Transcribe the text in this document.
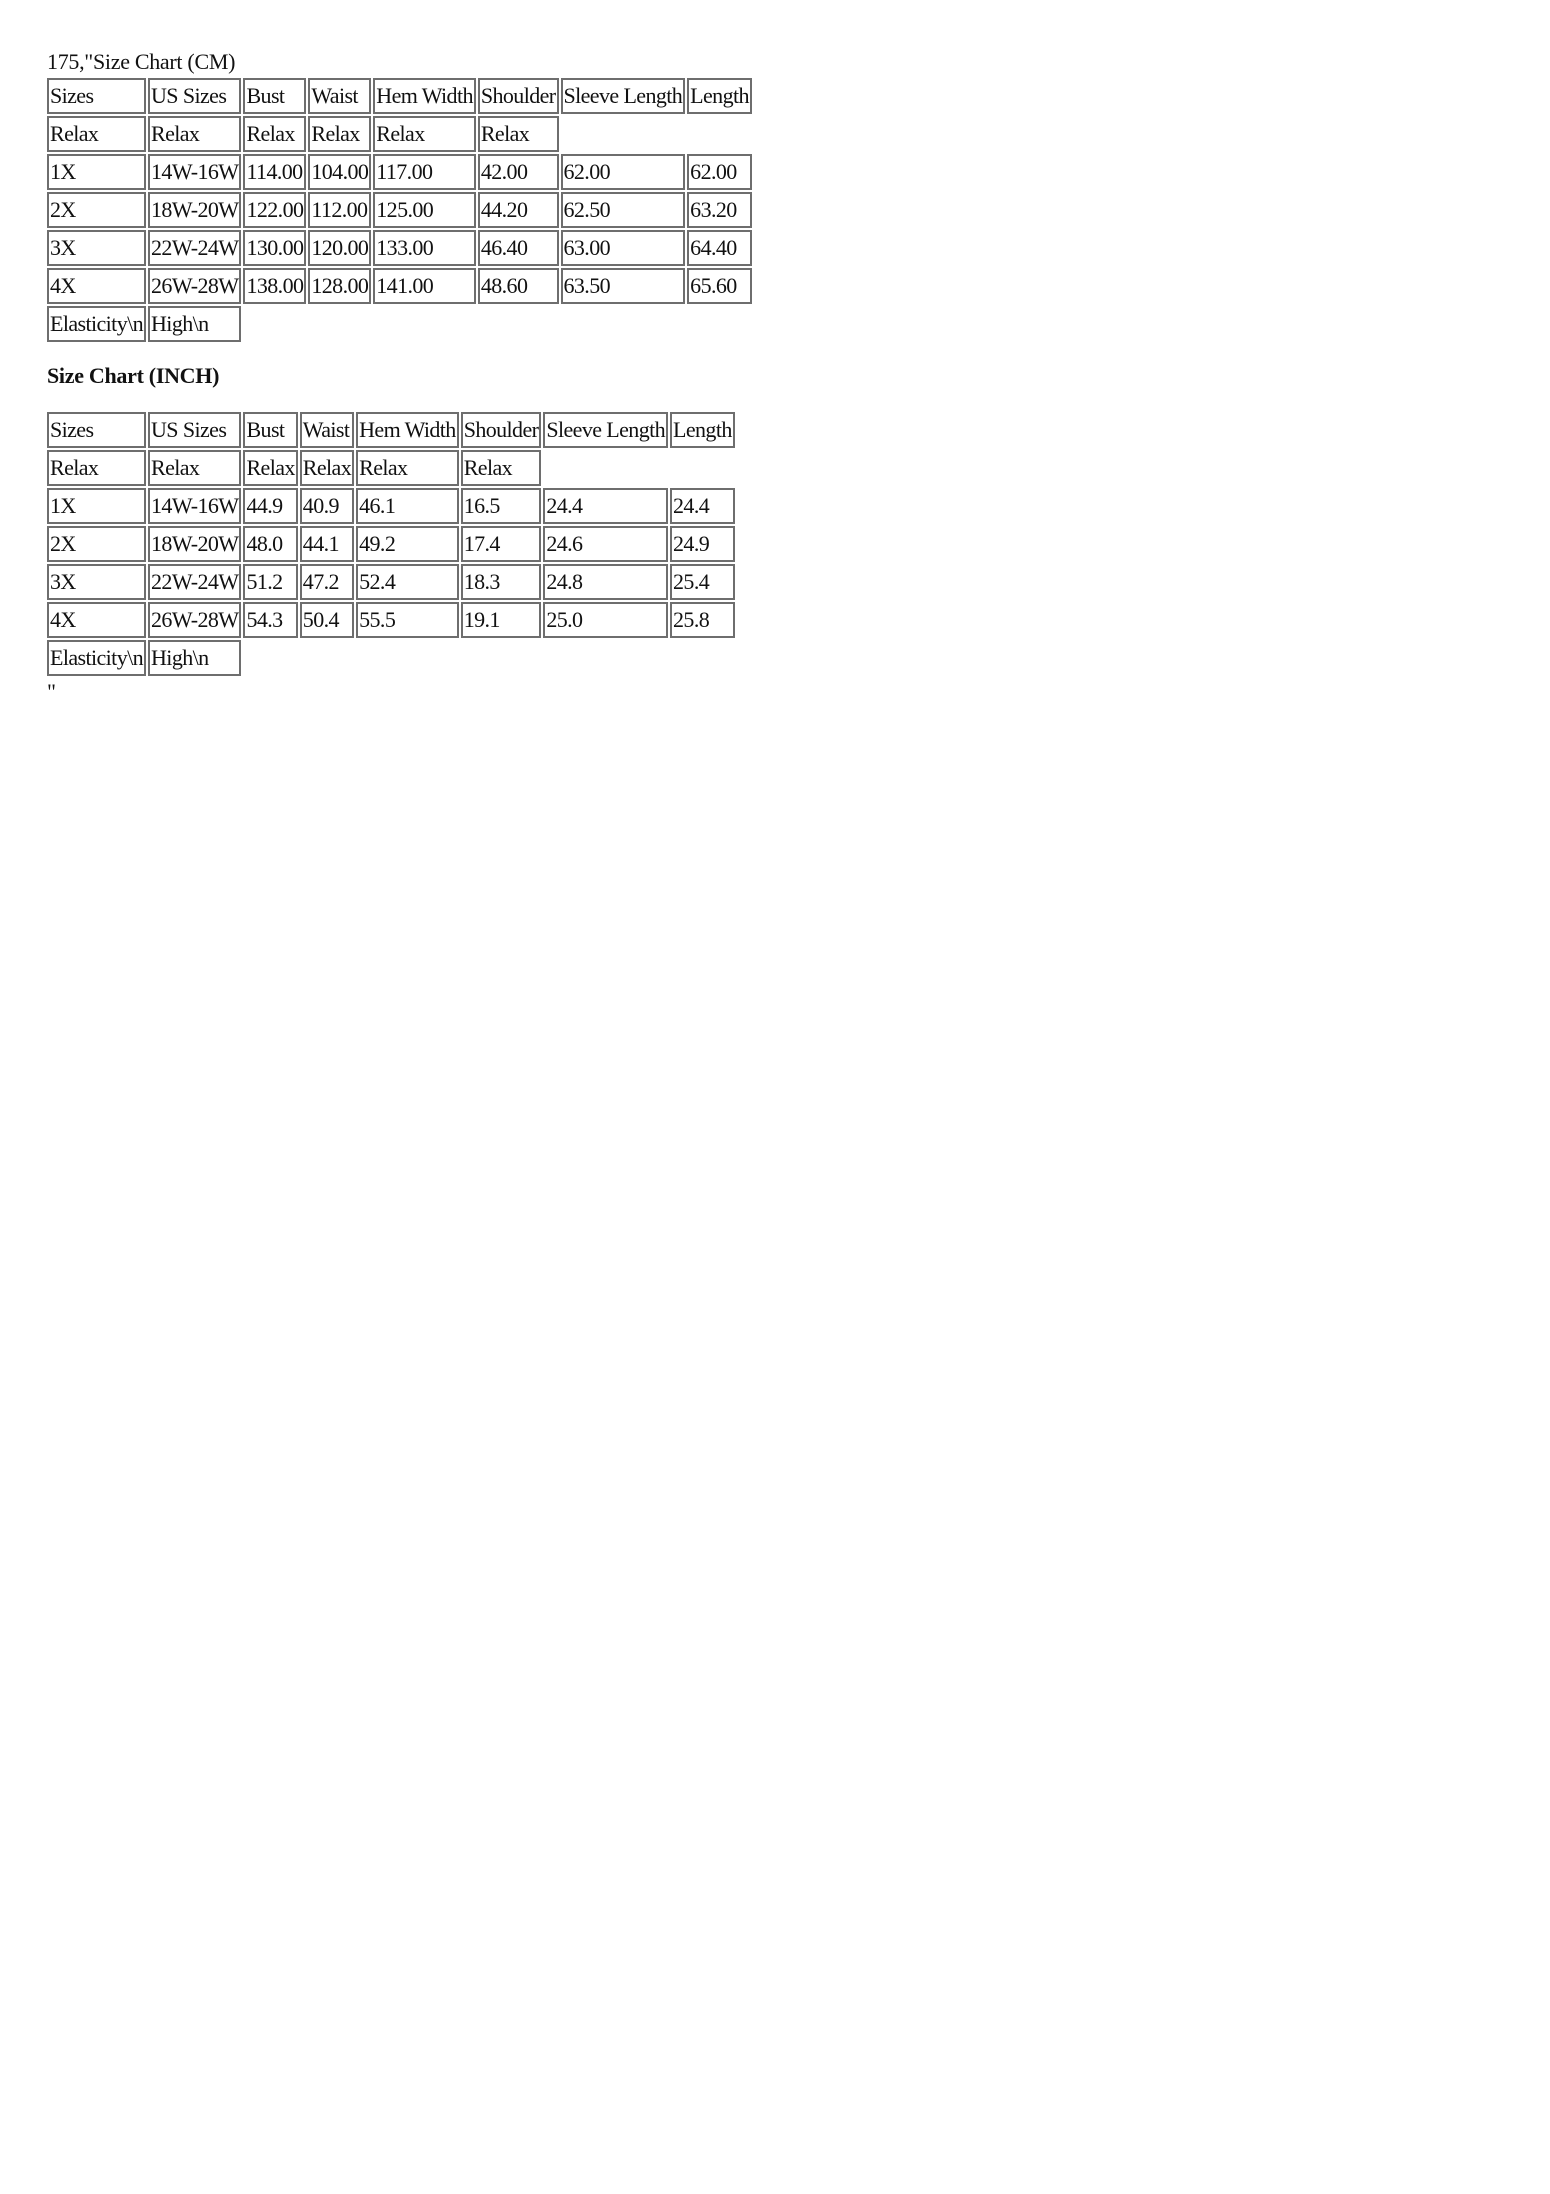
175,"Size Chart (CM)
Sizes	US Sizes	Bust	Waist	Hem Width	Shoulder	Sleeve Length	Length
Relax	Relax	Relax	Relax	Relax	Relax		
1X	14W-16W	114.00	104.00	117.00	42.00	62.00	62.00
2X	18W-20W	122.00	112.00	125.00	44.20	62.50	63.20
3X	22W-24W	130.00	120.00	133.00	46.40	63.00	64.40
4X	26W-28W	138.00	128.00	141.00	48.60	63.50	65.60
Elasticity\n	High\n						
Size Chart (INCH)
Sizes	US Sizes	Bust	Waist	Hem Width	Shoulder	Sleeve Length	Length
Relax	Relax	Relax	Relax	Relax	Relax		
1X	14W-16W	44.9	40.9	46.1	16.5	24.4	24.4
2X	18W-20W	48.0	44.1	49.2	17.4	24.6	24.9
3X	22W-24W	51.2	47.2	52.4	18.3	24.8	25.4
4X	26W-28W	54.3	50.4	55.5	19.1	25.0	25.8
Elasticity\n	High\n						
"
